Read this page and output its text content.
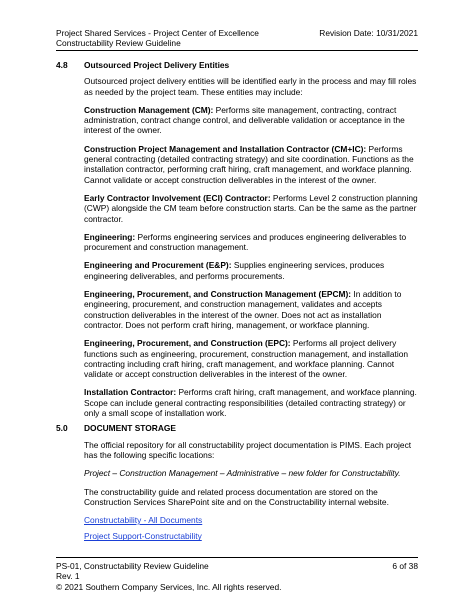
Project Shared Services - Project Center of Excellence	Revision Date: 10/31/2021
Constructability Review Guideline
4.8	Outsourced Project Delivery Entities
Outsourced project delivery entities will be identified early in the process and may fill roles as needed by the project team. These entities may include:
Construction Management (CM): Performs site management, contracting, contract administration, contract change control, and deliverable validation or acceptance in the interest of the owner.
Construction Project Management and Installation Contractor (CM+IC): Performs general contracting (detailed contracting strategy) and site coordination. Functions as the installation contractor, performing craft hiring, craft management, and workface planning. Cannot validate or accept construction deliverables in the interest of the owner.
Early Contractor Involvement (ECI) Contractor: Performs Level 2 construction planning (CWP) alongside the CM team before construction starts. Can be the same as the partner contractor.
Engineering: Performs engineering services and produces engineering deliverables to procurement and construction management.
Engineering and Procurement (E&P): Supplies engineering services, produces engineering deliverables, and performs procurements.
Engineering, Procurement, and Construction Management (EPCM): In addition to engineering, procurement, and construction management, validates and accepts construction deliverables in the interest of the owner. Does not act as installation contractor. Does not perform craft hiring, management, or workface planning.
Engineering, Procurement, and Construction (EPC): Performs all project delivery functions such as engineering, procurement, construction management, and installation contracting including craft hiring, craft management, and workface planning. Cannot validate or accept construction deliverables in the interest of the owner.
Installation Contractor: Performs craft hiring, craft management, and workface planning. Scope can include general contracting responsibilities (detailed contracting strategy) or only a small scope of installation work.
5.0	DOCUMENT STORAGE
The official repository for all constructability project documentation is PIMS. Each project has the following specific locations:
Project – Construction Management – Administrative – new folder for Constructability.
The constructability guide and related process documentation are stored on the Construction Services SharePoint site and on the Constructability internal website.
Constructability - All Documents
Project Support-Constructability
PS-01, Constructability Review Guideline	6 of 38
Rev. 1
© 2021 Southern Company Services, Inc. All rights reserved.
